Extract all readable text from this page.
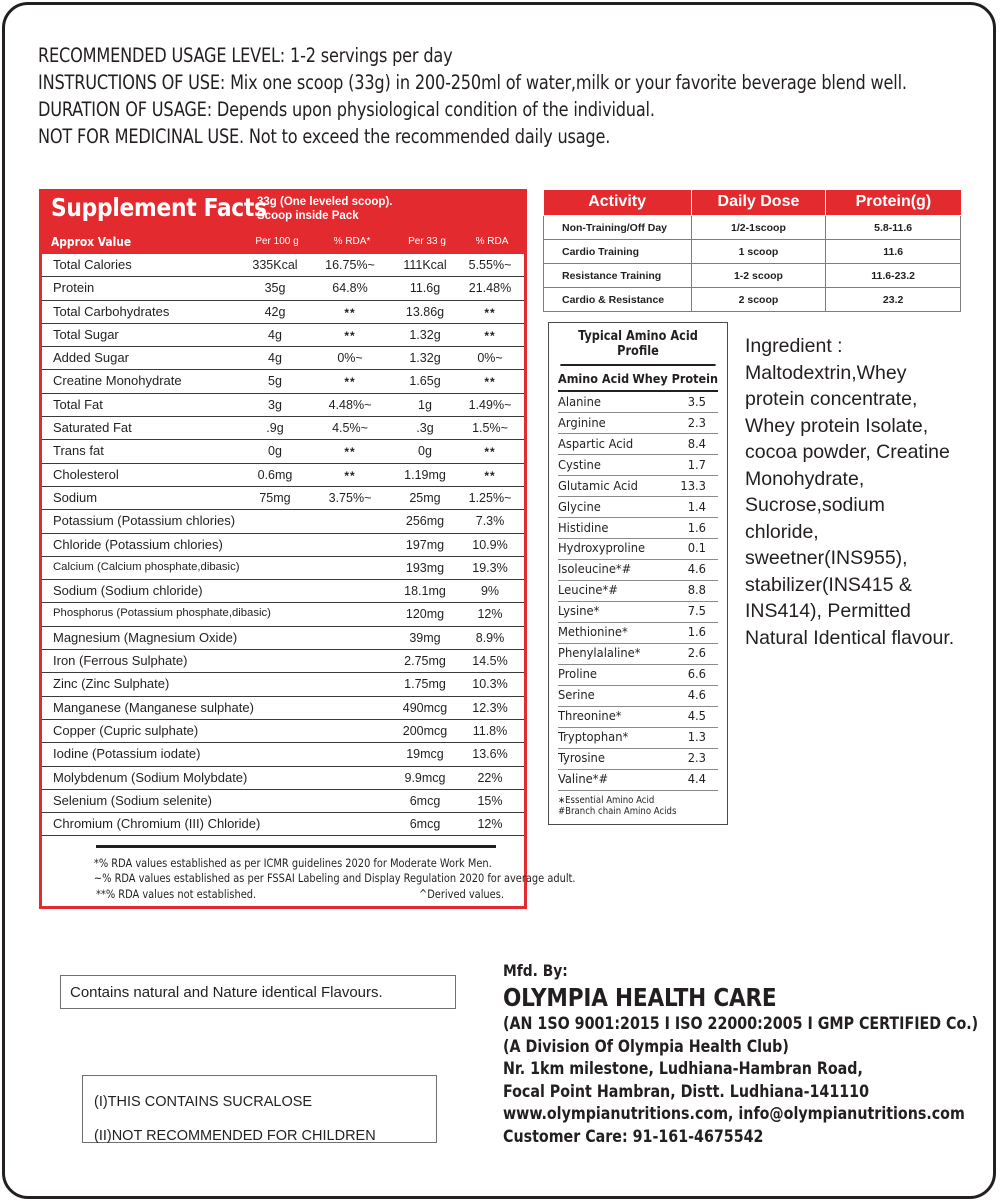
RECOMMENDED USAGE LEVEL: 1-2 servings per day
INSTRUCTIONS OF USE: Mix one scoop (33g) in 200-250ml of water,milk or your favorite beverage blend well.
DURATION OF USAGE: Depends upon physiological condition of the individual.
NOT FOR MEDICINAL USE. Not to exceed the recommended daily usage.
Supplement Facts
33g (One leveled scoop).
Scoop inside Pack
Approx Value	Per 100 g	% RDA*	Per 33 g	% RDA
Total Calories	335Kcal	16.75%~	111Kcal	5.55%~
Protein	35g	64.8%	11.6g	21.48%
Total Carbohydrates	42g	**	13.86g	**
Total Sugar	4g	**	1.32g	**
Added Sugar	4g	0%~	1.32g	0%~
Creatine Monohydrate	5g	**	1.65g	**
Total Fat	3g	4.48%~	1g	1.49%~
Saturated Fat	.9g	4.5%~	.3g	1.5%~
Trans fat	0g	**	0g	**
Cholesterol	0.6mg	**	1.19mg	**
Sodium	75mg	3.75%~	25mg	1.25%~
Potassium (Potassium chlories)	256mg	7.3%
Chloride (Potassium chlories)	197mg	10.9%
Calcium (Calcium phosphate,dibasic)	193mg	19.3%
Sodium (Sodium chloride)	18.1mg	9%
Phosphorus (Potassium phosphate,dibasic)	120mg	12%
Magnesium (Magnesium Oxide)	39mg	8.9%
Iron (Ferrous Sulphate)	2.75mg	14.5%
Zinc (Zinc Sulphate)	1.75mg	10.3%
Manganese (Manganese sulphate)	490mcg	12.3%
Copper (Cupric sulphate)	200mcg	11.8%
Iodine (Potassium iodate)	19mcg	13.6%
Molybdenum (Sodium Molybdate)	9.9mcg	22%
Selenium (Sodium selenite)	6mcg	15%
Chromium (Chromium (III) Chloride)	6mcg	12%
*% RDA values established as per ICMR guidelines 2020 for Moderate Work Men.
~% RDA values established as per FSSAI Labeling and Display Regulation 2020 for average adult.
**% RDA values not established.	^Derived values.
Activity	Daily Dose	Protein(g)
Non-Training/Off Day	1/2-1scoop	5.8-11.6
Cardio Training	1 scoop	11.6
Resistance Training	1-2 scoop	11.6-23.2
Cardio & Resistance	2 scoop	23.2
Typical Amino Acid Profile
Amino Acid Whey Protein
Alanine	3.5
Arginine	2.3
Aspartic Acid	8.4
Cystine	1.7
Glutamic Acid	13.3
Glycine	1.4
Histidine	1.6
Hydroxyproline	0.1
Isoleucine*#	4.6
Leucine*#	8.8
Lysine*	7.5
Methionine*	1.6
Phenylalaline*	2.6
Proline	6.6
Serine	4.6
Threonine*	4.5
Tryptophan*	1.3
Tyrosine	2.3
Valine*#	4.4
∗Essential Amino Acid
#Branch chain Amino Acids
Ingredient : Maltodextrin,Whey protein concentrate, Whey protein Isolate, cocoa powder, Creatine Monohydrate, Sucrose,sodium chloride, sweetner(INS955), stabilizer(INS415 & INS414), Permitted Natural Identical flavour.
Contains natural and Nature identical Flavours.
(I)THIS CONTAINS SUCRALOSE
(II)NOT RECOMMENDED FOR CHILDREN
Mfd. By:
OLYMPIA HEALTH CARE
(AN 1SO 9001:2015 I ISO 22000:2005 I GMP CERTIFIED Co.)
(A Division Of Olympia Health Club)
Nr. 1km milestone, Ludhiana-Hambran Road,
Focal Point Hambran, Distt. Ludhiana-141110
www.olympianutritions.com, info@olympianutritions.com
Customer Care: 91-161-4675542
